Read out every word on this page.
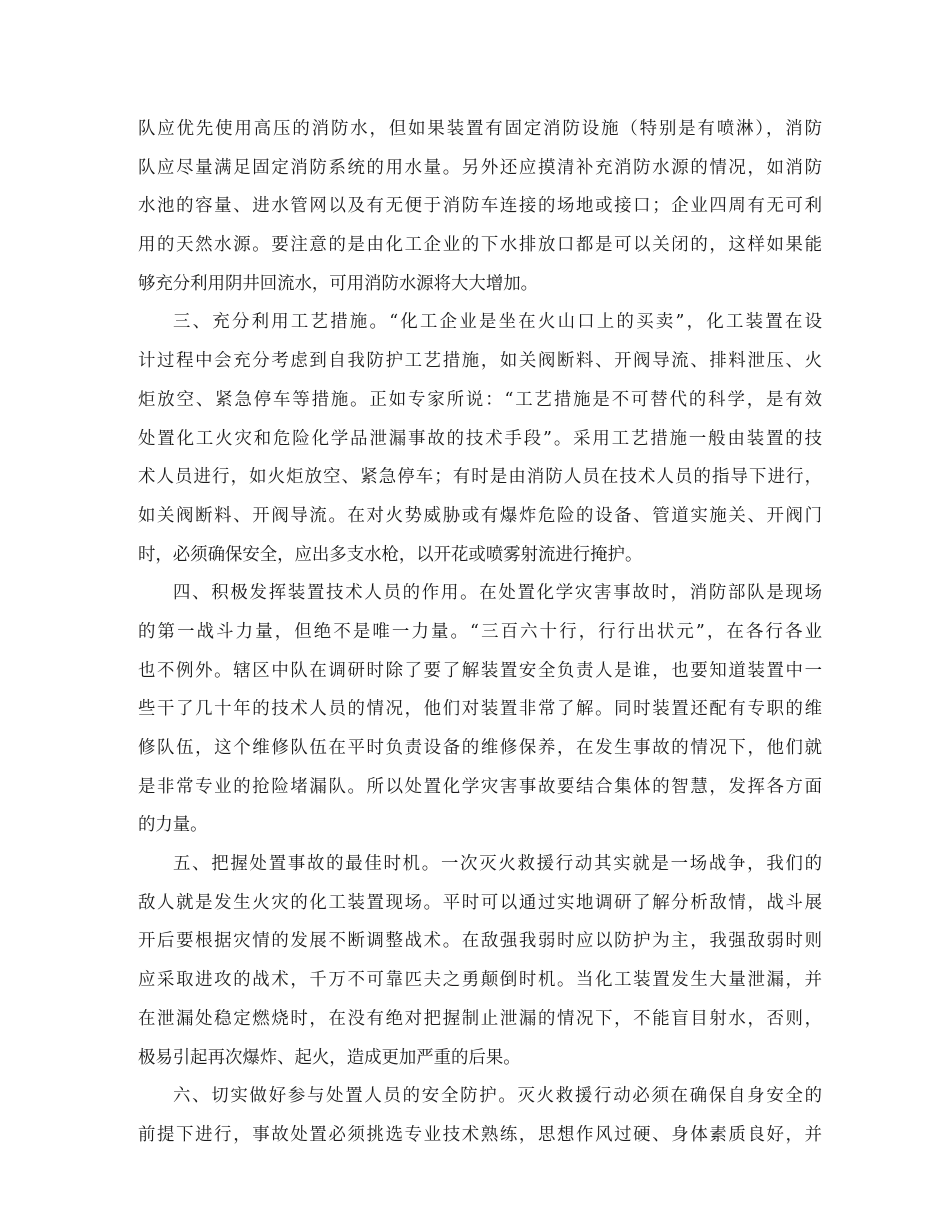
队应优先使用高压的消防水，但如果装置有固定消防设施（特别是有喷淋），消防
队应尽量满足固定消防系统的用水量。另外还应摸清补充消防水源的情况，如消防
水池的容量、进水管网以及有无便于消防车连接的场地或接口；企业四周有无可利
用的天然水源。要注意的是由化工企业的下水排放口都是可以关闭的，这样如果能
够充分利用阴井回流水，可用消防水源将大大增加。
三、充分利用工艺措施。“化工企业是坐在火山口上的买卖”，化工装置在设
计过程中会充分考虑到自我防护工艺措施，如关阀断料、开阀导流、排料泄压、火
炬放空、紧急停车等措施。正如专家所说：“工艺措施是不可替代的科学，是有效
处置化工火灾和危险化学品泄漏事故的技术手段”。采用工艺措施一般由装置的技
术人员进行，如火炬放空、紧急停车；有时是由消防人员在技术人员的指导下进行，
如关阀断料、开阀导流。在对火势威胁或有爆炸危险的设备、管道实施关、开阀门
时，必须确保安全，应出多支水枪，以开花或喷雾射流进行掩护。
四、积极发挥装置技术人员的作用。在处置化学灾害事故时，消防部队是现场
的第一战斗力量，但绝不是唯一力量。“三百六十行，行行出状元”，在各行各业
也不例外。辖区中队在调研时除了要了解装置安全负责人是谁，也要知道装置中一
些干了几十年的技术人员的情况，他们对装置非常了解。同时装置还配有专职的维
修队伍，这个维修队伍在平时负责设备的维修保养，在发生事故的情况下，他们就
是非常专业的抢险堵漏队。所以处置化学灾害事故要结合集体的智慧，发挥各方面
的力量。
五、把握处置事故的最佳时机。一次灭火救援行动其实就是一场战争，我们的
敌人就是发生火灾的化工装置现场。平时可以通过实地调研了解分析敌情，战斗展
开后要根据灾情的发展不断调整战术。在敌强我弱时应以防护为主，我强敌弱时则
应采取进攻的战术，千万不可靠匹夫之勇颠倒时机。当化工装置发生大量泄漏，并
在泄漏处稳定燃烧时，在没有绝对把握制止泄漏的情况下，不能盲目射水，否则，
极易引起再次爆炸、起火，造成更加严重的后果。
六、切实做好参与处置人员的安全防护。灭火救援行动必须在确保自身安全的
前提下进行，事故处置必须挑选专业技术熟练，思想作风过硬、身体素质良好，并
